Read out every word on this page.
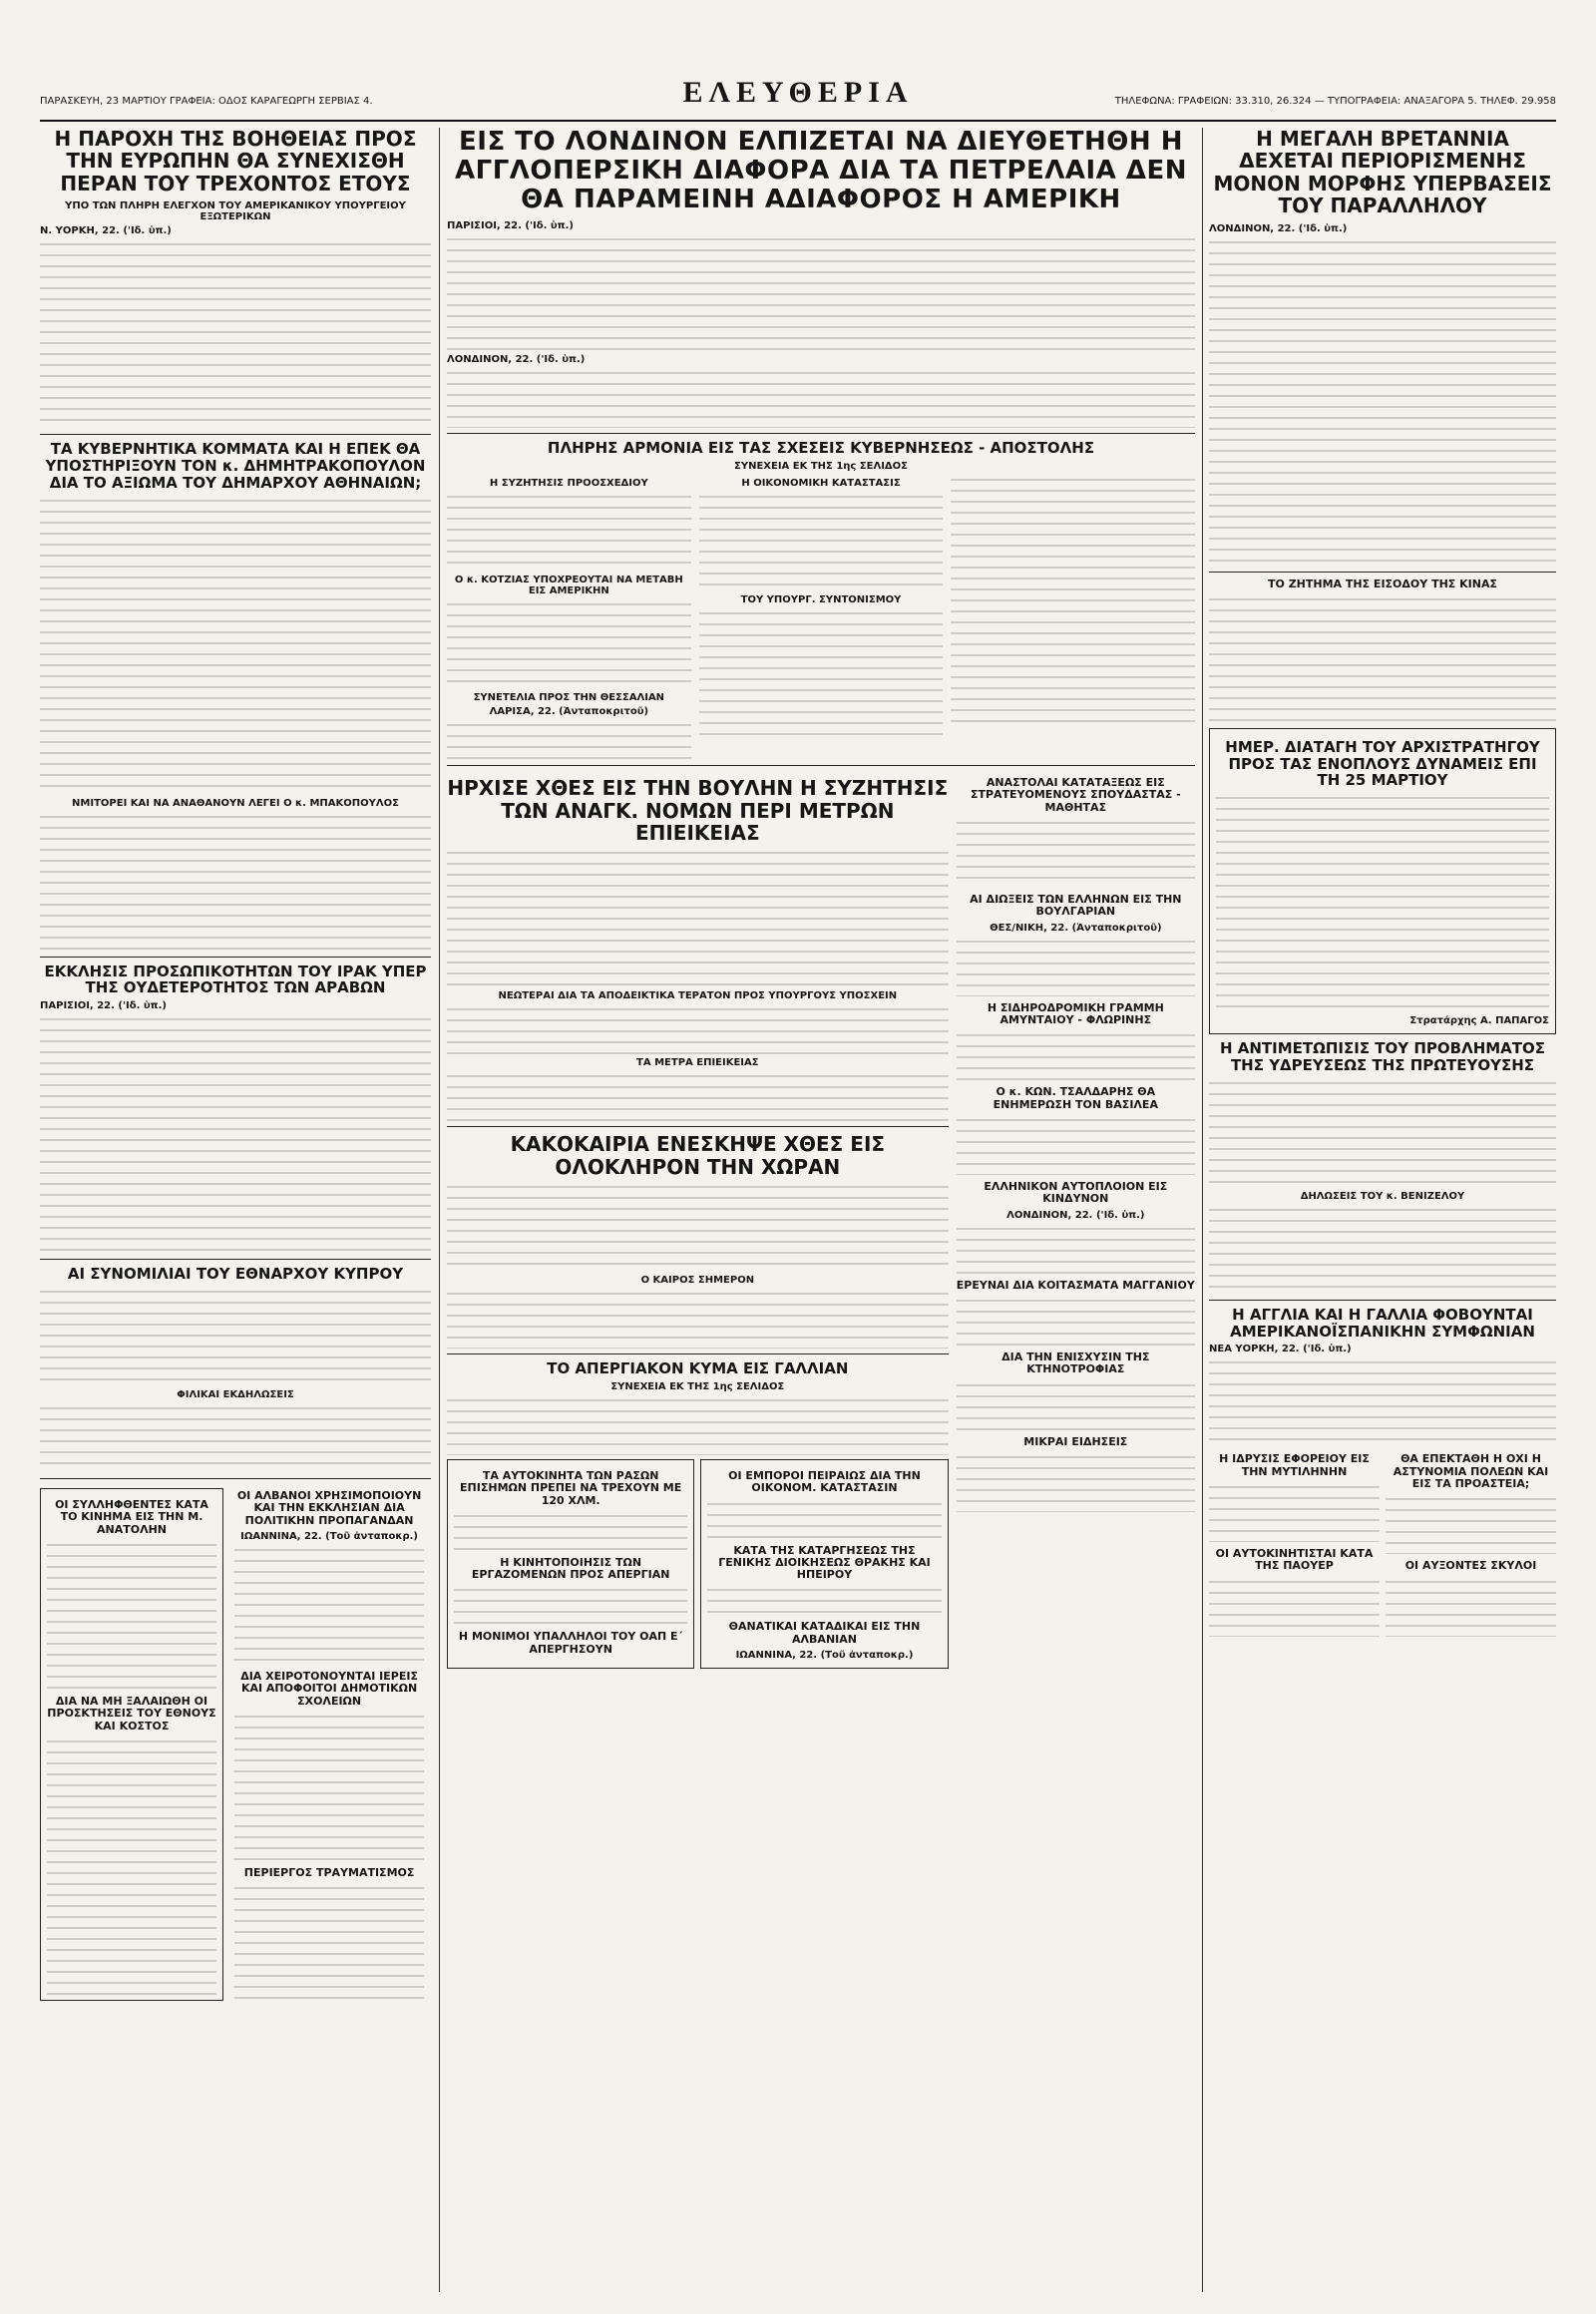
ΠΑΡΑΣΚΕΥΗ, 23 ΜΑΡΤΙΟΥ ΓΡΑΦΕΙΑ: ΟΔΟΣ ΚΑΡΑΓΕΩΡΓΗ ΣΕΡΒΙΑΣ 4.	ΕΛΕΥΘΕΡΙΑ	ΤΗΛΕΦΩΝΑ: ΓΡΑΦΕΙΩΝ: 33.310, 26.324 — ΤΥΠΟΓΡΑΦΕΙΑ: ΑΝΑΞΑΓΟΡΑ 5. ΤΗΛΕΦ. 29.958
Η ΠΑΡΟΧΗ ΤΗΣ ΒΟΗΘΕΙΑΣ ΠΡΟΣ ΤΗΝ ΕΥΡΩΠΗΝ ΘΑ ΣΥΝΕΧΙΣΘΗ ΠΕΡΑΝ ΤΟΥ ΤΡΕΧΟΝΤΟΣ ΕΤΟΥΣ
ΥΠΟ ΤΩΝ ΠΛΗΡΗ ΕΛΕΓΧΟΝ ΤΟΥ ΑΜΕΡΙΚΑΝΙΚΟΥ ΥΠΟΥΡΓΕΙΟΥ ΕΞΩΤΕΡΙΚΩΝ
Ν. ΥΟΡΚΗ, 22. ('Ιδ. ὑπ.)
ΤΑ ΚΥΒΕΡΝΗΤΙΚΑ ΚΟΜΜΑΤΑ ΚΑΙ Η ΕΠΕΚ ΘΑ ΥΠΟΣΤΗΡΙΞΟΥΝ ΤΟΝ κ. ΔΗΜΗΤΡΑΚΟΠΟΥΛΟΝ ΔΙΑ ΤΟ ΑΞΙΩΜΑ ΤΟΥ ΔΗΜΑΡΧΟΥ ΑΘΗΝΑΙΩΝ;
ΝΜΙΤΟΡΕΙ ΚΑΙ ΝΑ ΑΝΑΘΑΝΟΥΝ ΛΕΓΕΙ Ο κ. ΜΠΑΚΟΠΟΥΛΟΣ
ΕΚΚΛΗΣΙΣ ΠΡΟΣΩΠΙΚΟΤΗΤΩΝ ΤΟΥ ΙΡΑΚ ΥΠΕΡ ΤΗΣ ΟΥΔΕΤΕΡΟΤΗΤΟΣ ΤΩΝ ΑΡΑΒΩΝ
ΠΑΡΙΣΙΟΙ, 22. ('Ιδ. ὑπ.)
ΑΙ ΣΥΝΟΜΙΛΙΑΙ ΤΟΥ ΕΘΝΑΡΧΟΥ ΚΥΠΡΟΥ
ΦΙΛΙΚΑΙ ΕΚΔΗΛΩΣΕΙΣ
ΟΙ ΣΥΛΛΗΦΘΕΝΤΕΣ ΚΑΤΑ ΤΟ ΚΙΝΗΜΑ ΕΙΣ ΤΗΝ Μ. ΑΝΑΤΟΛΗΝ
ΔΙΑ ΝΑ ΜΗ ΞΑΛΑΙΩΘΗ ΟΙ ΠΡΟΣΚΤΗΣΕΙΣ ΤΟΥ ΕΘΝΟΥΣ ΚΑΙ ΚΟΣΤΟΣ

ΟΙ ΑΛΒΑΝΟΙ ΧΡΗΣΙΜΟΠΟΙΟΥΝ ΚΑΙ ΤΗΝ ΕΚΚΛΗΣΙΑΝ ΔΙΑ ΠΟΛΙΤΙΚΗΝ ΠΡΟΠΑΓΑΝΔΑΝ
ΙΩΑΝΝΙΝΑ, 22. (Τοῦ ἀνταποκρ.)
ΔΙΑ ΧΕΙΡΟΤΟΝΟΥΝΤΑΙ ΙΕΡΕΙΣ ΚΑΙ ΑΠΟΦΟΙΤΟΙ ΔΗΜΟΤΙΚΩΝ ΣΧΟΛΕΙΩΝ
ΠΕΡΙΕΡΓΟΣ ΤΡΑΥΜΑΤΙΣΜΟΣ
ΕΙΣ ΤΟ ΛΟΝΔΙΝΟΝ ΕΛΠΙΖΕΤΑΙ ΝΑ ΔΙΕΥΘΕΤΗΘΗ Η ΑΓΓΛΟΠΕΡΣΙΚΗ ΔΙΑΦΟΡΑ ΔΙΑ ΤΑ ΠΕΤΡΕΛΑΙΑ ΔΕΝ ΘΑ ΠΑΡΑΜΕΙΝΗ ΑΔΙΑΦΟΡΟΣ Η ΑΜΕΡΙΚΗ
ΠΑΡΙΣΙΟΙ, 22. ('Ιδ. ὑπ.)
ΛΟΝΔΙΝΟΝ, 22. ('Ιδ. ὑπ.)
ΠΛΗΡΗΣ ΑΡΜΟΝΙΑ ΕΙΣ ΤΑΣ ΣΧΕΣΕΙΣ ΚΥΒΕΡΝΗΣΕΩΣ - ΑΠΟΣΤΟΛΗΣ
ΣΥΝΕΧΕΙΑ ΕΚ ΤΗΣ 1ης ΣΕΛΙΔΟΣ
Η ΣΥΖΗΤΗΣΙΣ ΠΡΟΟΣΧΕΔΙΟΥ
Ο κ. ΚΟΤΖΙΑΣ ΥΠΟΧΡΕΟΥΤΑΙ ΝΑ ΜΕΤΑΒΗ ΕΙΣ ΑΜΕΡΙΚΗΝ
ΣΥΝΕΤΕΛΙΑ ΠΡΟΣ ΤΗΝ ΘΕΣΣΑΛΙΑΝ
ΛΑΡΙΣΑ, 22. (Ἀνταποκριτοῦ)
Η ΟΙΚΟΝΟΜΙΚΗ ΚΑΤΑΣΤΑΣΙΣ
ΤΟΥ ΥΠΟΥΡΓ. ΣΥΝΤΟΝΙΣΜΟΥ
ΗΡΧΙΣΕ ΧΘΕΣ ΕΙΣ ΤΗΝ ΒΟΥΛΗΝ Η ΣΥΖΗΤΗΣΙΣ ΤΩΝ ΑΝΑΓΚ. ΝΟΜΩΝ ΠΕΡΙ ΜΕΤΡΩΝ ΕΠΙΕΙΚΕΙΑΣ
ΝΕΩΤΕΡΑΙ ΔΙΑ ΤΑ ΑΠΟΔΕΙΚΤΙΚΑ ΤΕΡΑΤΟΝ ΠΡΟΣ ΥΠΟΥΡΓΟΥΣ ΥΠΟΣΧΕΙΝ
ΤΑ ΜΕΤΡΑ ΕΠΙΕΙΚΕΙΑΣ
ΚΑΚΟΚΑΙΡΙΑ ΕΝΕΣΚΗΨΕ ΧΘΕΣ ΕΙΣ ΟΛΟΚΛΗΡΟΝ ΤΗΝ ΧΩΡΑΝ
Ο ΚΑΙΡΟΣ ΣΗΜΕΡΟΝ
ΤΟ ΑΠΕΡΓΙΑΚΟΝ ΚΥΜΑ ΕΙΣ ΓΑΛΛΙΑΝ
ΣΥΝΕΧΕΙΑ ΕΚ ΤΗΣ 1ης ΣΕΛΙΔΟΣ
ΤΑ ΑΥΤΟΚΙΝΗΤΑ ΤΩΝ ΡΑΣΩΝ ΕΠΙΣΗΜΩΝ ΠΡΕΠΕΙ ΝΑ ΤΡΕΧΟΥΝ ΜΕ 120 ΧΛΜ.
Η ΚΙΝΗΤΟΠΟΙΗΣΙΣ ΤΩΝ ΕΡΓΑΖΟΜΕΝΩΝ ΠΡΟΣ ΑΠΕΡΓΙΑΝ
Η ΜΟΝΙΜΟΙ ΥΠΑΛΛΗΛΟΙ ΤΟΥ ΟΑΠ Ε΄ ΑΠΕΡΓΗΣΟΥΝ
ΟΙ ΕΜΠΟΡΟΙ ΠΕΙΡΑΙΩΣ ΔΙΑ ΤΗΝ ΟΙΚΟΝΟΜ. ΚΑΤΑΣΤΑΣΙΝ
ΚΑΤΑ ΤΗΣ ΚΑΤΑΡΓΗΣΕΩΣ ΤΗΣ ΓΕΝΙΚΗΣ ΔΙΟΙΚΗΣΕΩΣ ΘΡΑΚΗΣ ΚΑΙ ΗΠΕΙΡΟΥ
ΘΑΝΑΤΙΚΑΙ ΚΑΤΑΔΙΚΑΙ ΕΙΣ ΤΗΝ ΑΛΒΑΝΙΑΝ
ΙΩΑΝΝΙΝΑ, 22. (Τοῦ ἀνταποκρ.)
ΑΝΑΣΤΟΛΑΙ ΚΑΤΑΤΑΞΕΩΣ ΕΙΣ ΣΤΡΑΤΕΥΟΜΕΝΟΥΣ ΣΠΟΥΔΑΣΤΑΣ - ΜΑΘΗΤΑΣ
ΑΙ ΔΙΩΞΕΙΣ ΤΩΝ ΕΛΛΗΝΩΝ ΕΙΣ ΤΗΝ ΒΟΥΛΓΑΡΙΑΝ
ΘΕΣ/ΝΙΚΗ, 22. (Ἀνταποκριτοῦ)
Η ΣΙΔΗΡΟΔΡΟΜΙΚΗ ΓΡΑΜΜΗ ΑΜΥΝΤΑΙΟΥ - ΦΛΩΡΙΝΗΣ
Ο κ. ΚΩΝ. ΤΣΑΛΔΑΡΗΣ ΘΑ ΕΝΗΜΕΡΩΣΗ ΤΟΝ ΒΑΣΙΛΕΑ
ΕΛΛΗΝΙΚΟΝ ΑΥΤΟΠΛΟΙΟΝ ΕΙΣ ΚΙΝΔΥΝΟΝ
ΛΟΝΔΙΝΟΝ, 22. ('Ιδ. ὑπ.)
ΕΡΕΥΝΑΙ ΔΙΑ ΚΟΙΤΑΣΜΑΤΑ ΜΑΓΓΑΝΙΟΥ
ΔΙΑ ΤΗΝ ΕΝΙΣΧΥΣΙΝ ΤΗΣ ΚΤΗΝΟΤΡΟΦΙΑΣ
ΜΙΚΡΑΙ ΕΙΔΗΣΕΙΣ
Η ΜΕΓΑΛΗ ΒΡΕΤΑΝΝΙΑ ΔΕΧΕΤΑΙ ΠΕΡΙΟΡΙΣΜΕΝΗΣ ΜΟΝΟΝ ΜΟΡΦΗΣ ΥΠΕΡΒΑΣΕΙΣ ΤΟΥ ΠΑΡΑΛΛΗΛΟΥ
ΛΟΝΔΙΝΟΝ, 22. ('Ιδ. ὑπ.)
ΤΟ ΖΗΤΗΜΑ ΤΗΣ ΕΙΣΟΔΟΥ ΤΗΣ ΚΙΝΑΣ
ΗΜΕΡ. ΔΙΑΤΑΓΗ ΤΟΥ ΑΡΧΙΣΤΡΑΤΗΓΟΥ ΠΡΟΣ ΤΑΣ ΕΝΟΠΛΟΥΣ ΔΥΝΑΜΕΙΣ ΕΠΙ ΤΗ 25 ΜΑΡΤΙΟΥ
Στρατάρχης Α. ΠΑΠΑΓΟΣ
Η ΑΝΤΙΜΕΤΩΠΙΣΙΣ ΤΟΥ ΠΡΟΒΛΗΜΑΤΟΣ ΤΗΣ ΥΔΡΕΥΣΕΩΣ ΤΗΣ ΠΡΩΤΕΥΟΥΣΗΣ
ΔΗΛΩΣΕΙΣ ΤΟΥ κ. ΒΕΝΙΖΕΛΟΥ
Η ΑΓΓΛΙΑ ΚΑΙ Η ΓΑΛΛΙΑ ΦΟΒΟΥΝΤΑΙ ΑΜΕΡΙΚΑΝΟΪΣΠΑΝΙΚΗΝ ΣΥΜΦΩΝΙΑΝ
ΝΕΑ ΥΟΡΚΗ, 22. ('Ιδ. ὑπ.)
Η ΙΔΡΥΣΙΣ ΕΦΟΡΕΙΟΥ ΕΙΣ ΤΗΝ ΜΥΤΙΛΗΝΗΝ
ΟΙ ΑΥΤΟΚΙΝΗΤΙΣΤΑΙ ΚΑΤΑ ΤΗΣ ΠΑΟΥΕΡ
ΘΑ ΕΠΕΚΤΑΘΗ Η ΟΧΙ Η ΑΣΤΥΝΟΜΙΑ ΠΟΛΕΩΝ ΚΑΙ ΕΙΣ ΤΑ ΠΡΟΑΣΤΕΙΑ;
ΟΙ ΑΥΞΟΝΤΕΣ ΣΚΥΛΟΙ
